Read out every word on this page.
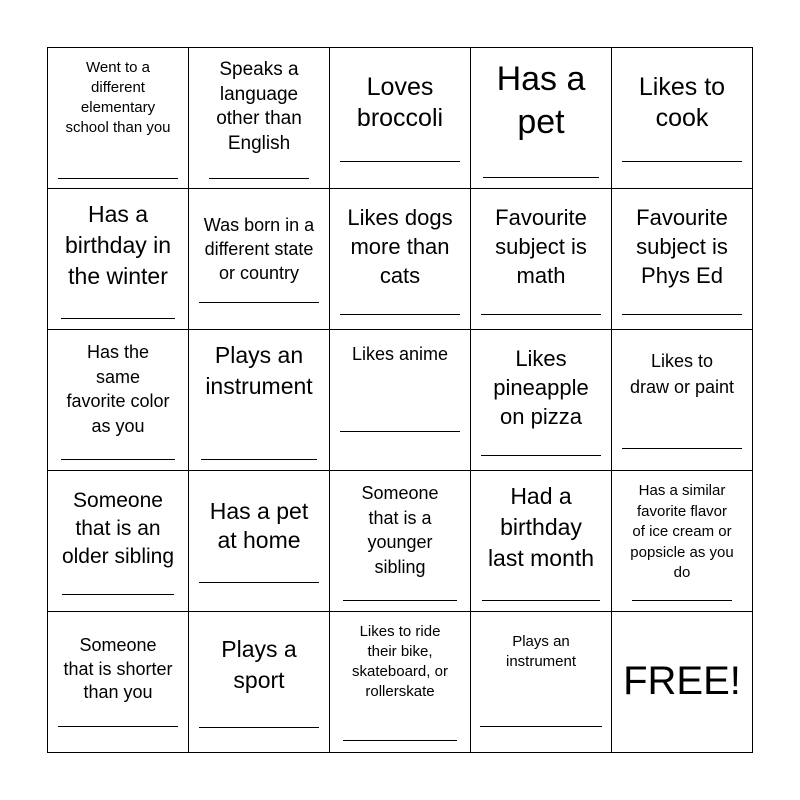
Went to a
different
elementary
school than you
Speaks a
language
other than
English
Loves
broccoli
Has a
pet
Likes to
cook
Has a
birthday in
the winter
Was born in a
different state
or country
Likes dogs
more than
cats
Favourite
subject is
math
Favourite
subject is
Phys Ed
Has the
same
favorite color
as you
Plays an
instrument
Likes anime	Likes
pineapple
on pizza
Likes to
draw or paint
Someone
that is an
older sibling
Has a pet
at home
Someone
that is a
younger
sibling
Had a
birthday
last month
Has a similar
favorite flavor
of ice cream or
popsicle as you
do
Someone
that is shorter
than you
Plays a
sport
Likes to ride
their bike,
skateboard, or
rollerskate
Plays an
instrument	FREE!
